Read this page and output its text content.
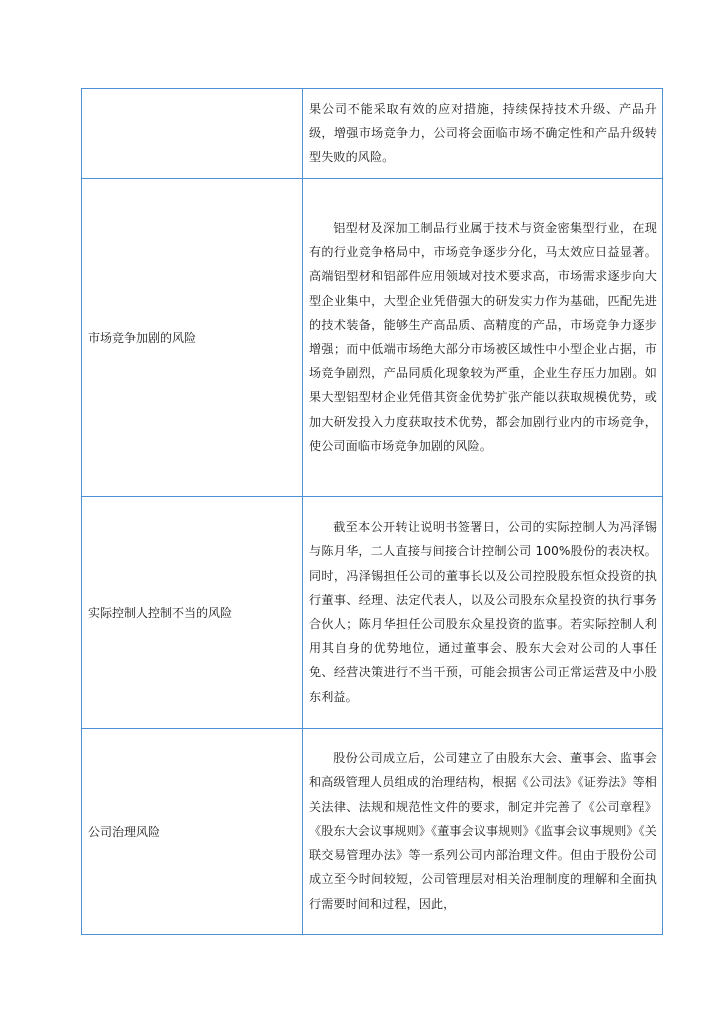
	果公司不能采取有效的应对措施，持续保持技术升级、产品升级，增强市场竞争力，公司将会面临市场不确定性和产品升级转型失败的风险。

市场竞争加剧的风险	铝型材及深加工制品行业属于技术与资金密集型行业，在现有的行业竞争格局中，市场竞争逐步分化，马太效应日益显著。高端铝型材和铝部件应用领域对技术要求高，市场需求逐步向大型企业集中，大型企业凭借强大的研发实力作为基础，匹配先进的技术装备，能够生产高品质、高精度的产品，市场竞争力逐步增强；而中低端市场绝大部分市场被区域性中小型企业占据，市场竞争剧烈，产品同质化现象较为严重，企业生存压力加剧。如果大型铝型材企业凭借其资金优势扩张产能以获取规模优势，或加大研发投入力度获取技术优势，都会加剧行业内的市场竞争，使公司面临市场竞争加剧的风险。

实际控制人控制不当的风险	截至本公开转让说明书签署日，公司的实际控制人为冯泽锡与陈月华，二人直接与间接合计控制公司 100%股份的表决权。同时，冯泽锡担任公司的董事长以及公司控股股东恒众投资的执行董事、经理、法定代表人，以及公司股东众星投资的执行事务合伙人；陈月华担任公司股东众星投资的监事。若实际控制人利用其自身的优势地位，通过董事会、股东大会对公司的人事任免、经营决策进行不当干预，可能会损害公司正常运营及中小股东利益。

公司治理风险	股份公司成立后，公司建立了由股东大会、董事会、监事会和高级管理人员组成的治理结构，根据《公司法》《证券法》等相关法律、法规和规范性文件的要求，制定并完善了《公司章程》《股东大会议事规则》《董事会议事规则》《监事会议事规则》《关联交易管理办法》等一系列公司内部治理文件。但由于股份公司成立至今时间较短，公司管理层对相关治理制度的理解和全面执行需要时间和过程，因此，
